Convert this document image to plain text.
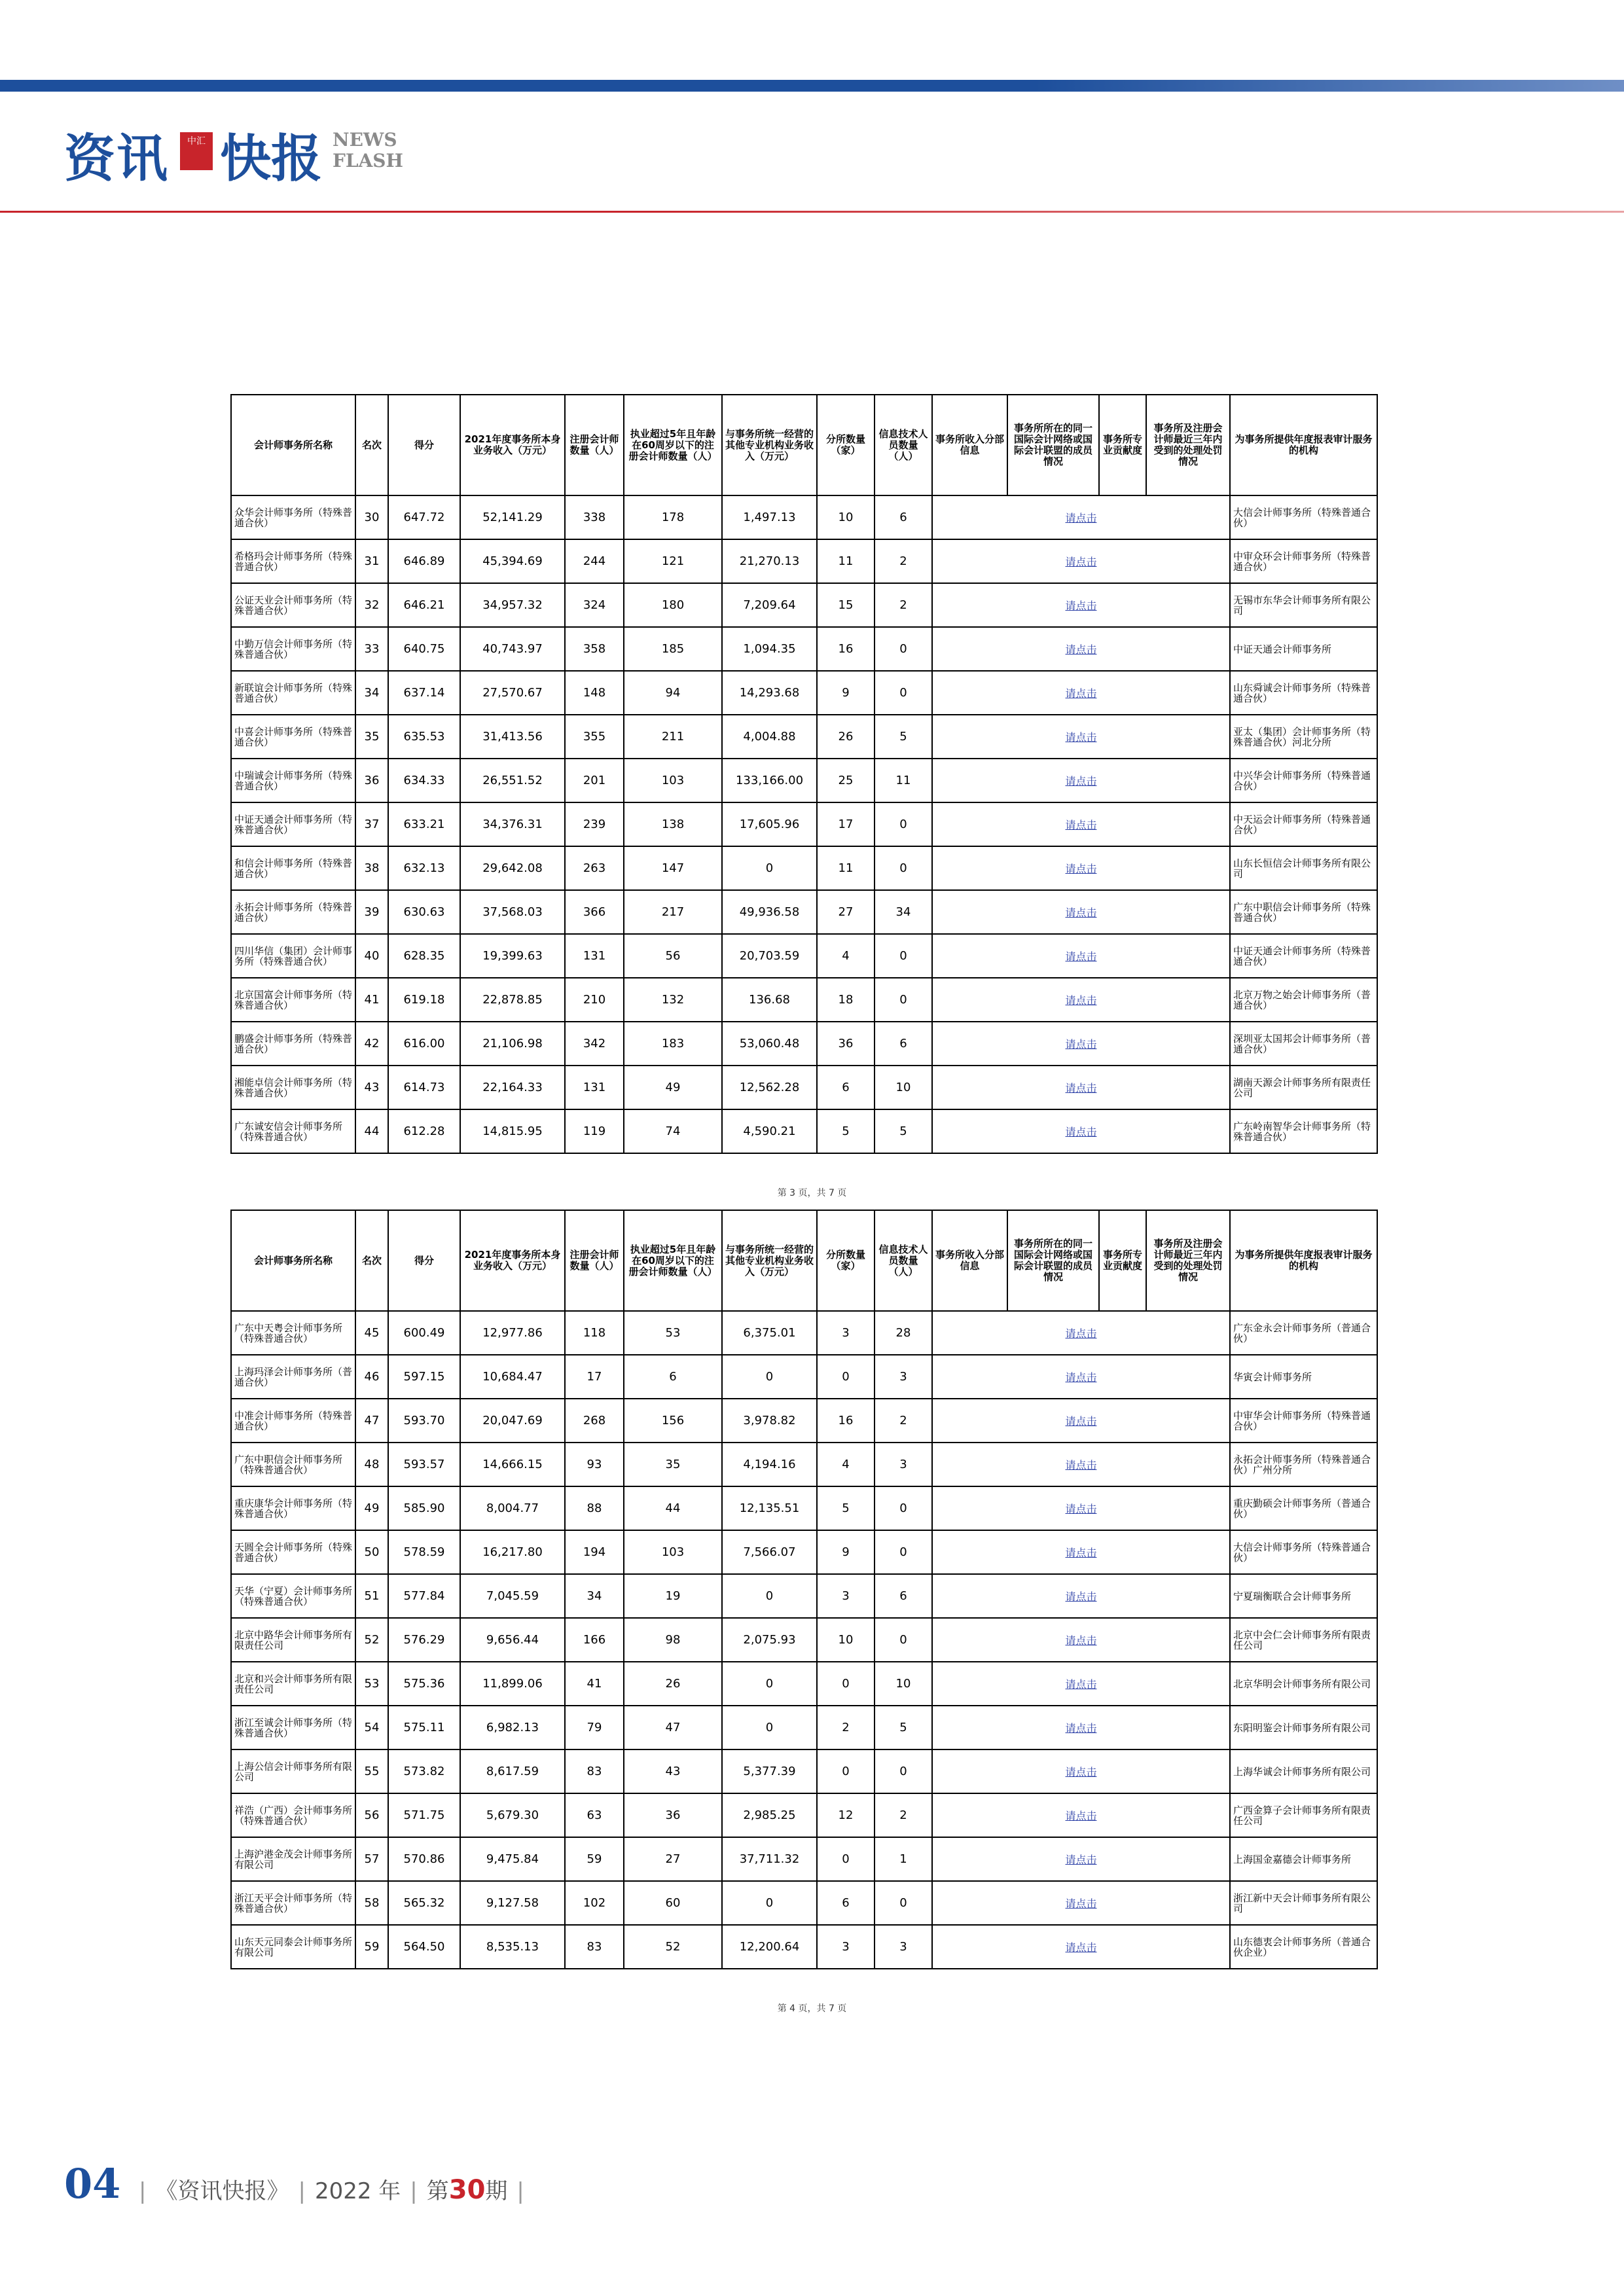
资讯	中汇 快报 NEWS
FLASH
会计师事务所名称	名次	得分	2021年度事务所本身业务收入（万元）	注册会计师数量（人）	执业超过5年且年龄在60周岁以下的注册会计师数量（人）	与事务所统一经营的其他专业机构业务收入（万元）	分所数量（家）	信息技术人员数量（人）	事务所收入分部信息	事务所所在的同一国际会计网络或国际会计联盟的成员情况	事务所专业贡献度	事务所及注册会计师最近三年内受到的处理处罚情况	为事务所提供年度报表审计服务的机构
众华会计师事务所（特殊普通合伙）	30	647.72	52,141.29	338	178	1,497.13	10	6	请点击				大信会计师事务所（特殊普通合伙）
希格玛会计师事务所（特殊普通合伙）	31	646.89	45,394.69	244	121	21,270.13	11	2	请点击				中审众环会计师事务所（特殊普通合伙）
公证天业会计师事务所（特殊普通合伙）	32	646.21	34,957.32	324	180	7,209.64	15	2	请点击				无锡市东华会计师事务所有限公司
中勤万信会计师事务所（特殊普通合伙）	33	640.75	40,743.97	358	185	1,094.35	16	0	请点击				中证天通会计师事务所
新联谊会计师事务所（特殊普通合伙）	34	637.14	27,570.67	148	94	14,293.68	9	0	请点击				山东舜诚会计师事务所（特殊普通合伙）
中喜会计师事务所（特殊普通合伙）	35	635.53	31,413.56	355	211	4,004.88	26	5	请点击				亚太（集团）会计师事务所（特殊普通合伙）河北分所
中瑞诚会计师事务所（特殊普通合伙）	36	634.33	26,551.52	201	103	133,166.00	25	11	请点击				中兴华会计师事务所（特殊普通合伙）
中证天通会计师事务所（特殊普通合伙）	37	633.21	34,376.31	239	138	17,605.96	17	0	请点击				中天运会计师事务所（特殊普通合伙）
和信会计师事务所（特殊普通合伙）	38	632.13	29,642.08	263	147	0	11	0	请点击				山东长恒信会计师事务所有限公司
永拓会计师事务所（特殊普通合伙）	39	630.63	37,568.03	366	217	49,936.58	27	34	请点击				广东中职信会计师事务所（特殊普通合伙）
四川华信（集团）会计师事务所（特殊普通合伙）	40	628.35	19,399.63	131	56	20,703.59	4	0	请点击				中证天通会计师事务所（特殊普通合伙）
北京国富会计师事务所（特殊普通合伙）	41	619.18	22,878.85	210	132	136.68	18	0	请点击				北京万物之始会计师事务所（普通合伙）
鹏盛会计师事务所（特殊普通合伙）	42	616.00	21,106.98	342	183	53,060.48	36	6	请点击				深圳亚太国邦会计师事务所（普通合伙）
湘能卓信会计师事务所（特殊普通合伙）	43	614.73	22,164.33	131	49	12,562.28	6	10	请点击				湖南天源会计师事务所有限责任公司
广东诚安信会计师事务所（特殊普通合伙）	44	612.28	14,815.95	119	74	4,590.21	5	5	请点击				广东岭南智华会计师事务所（特殊普通合伙）
第 3 页，共 7 页
会计师事务所名称	名次	得分	2021年度事务所本身业务收入（万元）	注册会计师数量（人）	执业超过5年且年龄在60周岁以下的注册会计师数量（人）	与事务所统一经营的其他专业机构业务收入（万元）	分所数量（家）	信息技术人员数量（人）	事务所收入分部信息	事务所所在的同一国际会计网络或国际会计联盟的成员情况	事务所专业贡献度	事务所及注册会计师最近三年内受到的处理处罚情况	为事务所提供年度报表审计服务的机构
广东中天粤会计师事务所（特殊普通合伙）	45	600.49	12,977.86	118	53	6,375.01	3	28	请点击				广东金永会计师事务所（普通合伙）
上海玛泽会计师事务所（普通合伙）	46	597.15	10,684.47	17	6	0	0	3	请点击				华寅会计师事务所
中准会计师事务所（特殊普通合伙）	47	593.70	20,047.69	268	156	3,978.82	16	2	请点击				中审华会计师事务所（特殊普通合伙）
广东中职信会计师事务所（特殊普通合伙）	48	593.57	14,666.15	93	35	4,194.16	4	3	请点击				永拓会计师事务所（特殊普通合伙）广州分所
重庆康华会计师事务所（特殊普通合伙）	49	585.90	8,004.77	88	44	12,135.51	5	0	请点击				重庆勤硕会计师事务所（普通合伙）
天圆全会计师事务所（特殊普通合伙）	50	578.59	16,217.80	194	103	7,566.07	9	0	请点击				大信会计师事务所（特殊普通合伙）
天华（宁夏）会计师事务所（特殊普通合伙）	51	577.84	7,045.59	34	19	0	3	6	请点击				宁夏瑞衡联合会计师事务所
北京中路华会计师事务所有限责任公司	52	576.29	9,656.44	166	98	2,075.93	10	0	请点击				北京中会仁会计师事务所有限责任公司
北京和兴会计师事务所有限责任公司	53	575.36	11,899.06	41	26	0	0	10	请点击				北京华明会计师事务所有限公司
浙江至诚会计师事务所（特殊普通合伙）	54	575.11	6,982.13	79	47	0	2	5	请点击				东阳明鉴会计师事务所有限公司
上海公信会计师事务所有限公司	55	573.82	8,617.59	83	43	5,377.39	0	0	请点击				上海华诚会计师事务所有限公司
祥浩（广西）会计师事务所（特殊普通合伙）	56	571.75	5,679.30	63	36	2,985.25	12	2	请点击				广西金算子会计师事务所有限责任公司
上海沪港金茂会计师事务所有限公司	57	570.86	9,475.84	59	27	37,711.32	0	1	请点击				上海国金嘉德会计师事务所
浙江天平会计师事务所（特殊普通合伙）	58	565.32	9,127.58	102	60	0	6	0	请点击				浙江新中天会计师事务所有限公司
山东天元同泰会计师事务所有限公司	59	564.50	8,535.13	83	52	12,200.64	3	3	请点击				山东德衷会计师事务所（普通合伙企业）
第 4 页，共 7 页
04 | 《资讯快报》 | 2022 年 | 第30期 |
